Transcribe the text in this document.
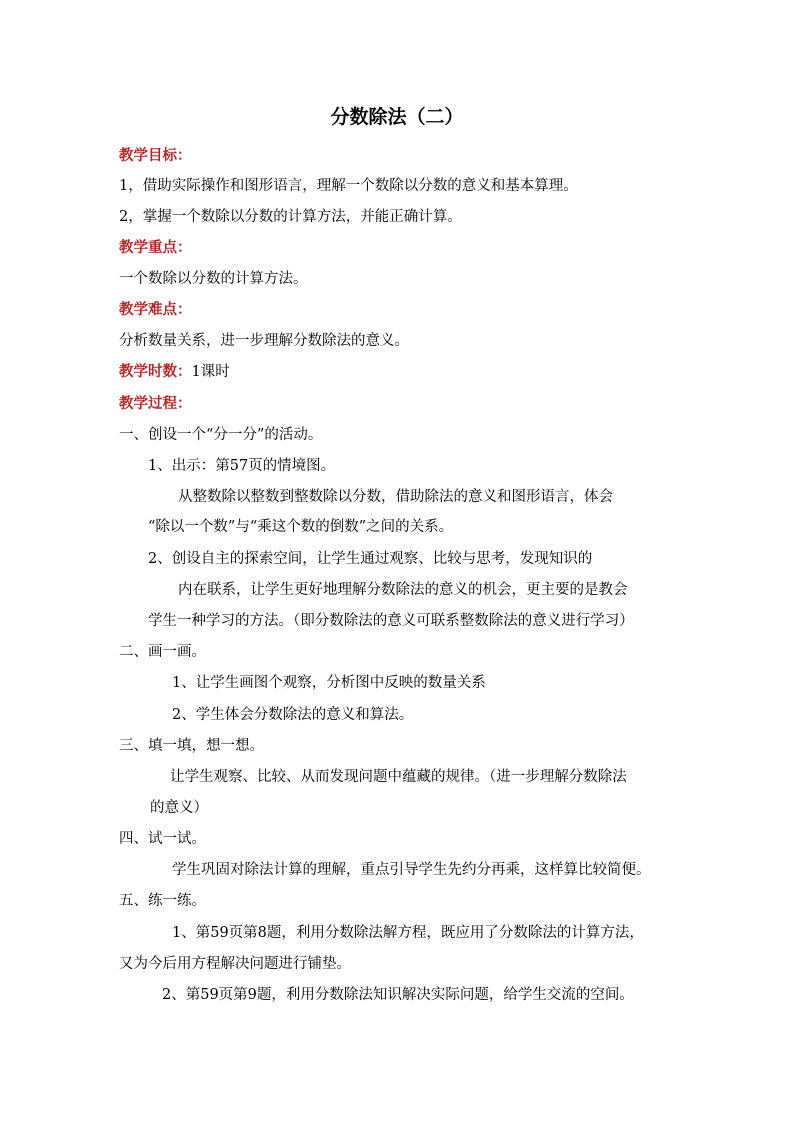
分数除法（二）
教学目标：
1，借助实际操作和图形语言，理解一个数除以分数的意义和基本算理。
2，掌握一个数除以分数的计算方法，并能正确计算。
教学重点：
一个数除以分数的计算方法。
教学难点：
分析数量关系，进一步理解分数除法的意义。
教学时数：1课时
教学过程：
一、创设一个“分一分”的活动。
1、出示：第57页的情境图。
从整数除以整数到整数除以分数，借助除法的意义和图形语言，体会
“除以一个数”与“乘这个数的倒数”之间的关系。
2、创设自主的探索空间，让学生通过观察、比较与思考，发现知识的
内在联系，让学生更好地理解分数除法的意义的机会，更主要的是教会
学生一种学习的方法。（即分数除法的意义可联系整数除法的意义进行学习）
二、画一画。
1、让学生画图个观察，分析图中反映的数量关系
2、学生体会分数除法的意义和算法。
三、填一填，想一想。
让学生观察、比较、从而发现问题中蕴藏的规律。（进一步理解分数除法
的意义）
四、试一试。
学生巩固对除法计算的理解，重点引导学生先约分再乘，这样算比较简便。
五、练一练。
1、第59页第8题，利用分数除法解方程，既应用了分数除法的计算方法，
又为今后用方程解决问题进行铺垫。
2、第59页第9题，利用分数除法知识解决实际问题，给学生交流的空间。
